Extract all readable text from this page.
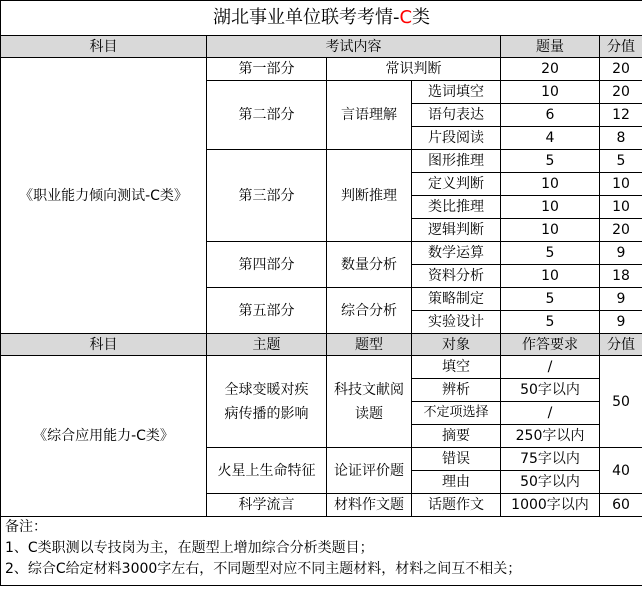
湖北事业单位联考考情-C类					
科目	考试内容			题量	分值
《职业能力倾向测试-C类》	第一部分	常识判断		20	20
	第二部分	言语理解	选词填空	10	20
			语句表达	6	12
			片段阅读	4	8
	第三部分	判断推理	图形推理	5	5
			定义判断	10	10
			类比推理	10	10
			逻辑判断	10	20
	第四部分	数量分析	数学运算	5	9
			资料分析	10	18
	第五部分	综合分析	策略制定	5	9
			实验设计	5	9
科目	主题	题型	对象	作答要求	分值
《综合应用能力-C类》	全球变暖对疾病传播的影响	科技文献阅读题	填空	/	50
			辨析	50字以内	
			不定项选择	/	
			摘要	250字以内	
	火星上生命特征	论证评价题	错误	75字以内	40
			理由	50字以内	
	科学流言	材料作文题	话题作文	1000字以内	60

备注：
1、C类职测以专技岗为主，在题型上增加综合分析类题目；
2、综合C给定材料3000字左右，不同题型对应不同主题材料，材料之间互不相关；					
